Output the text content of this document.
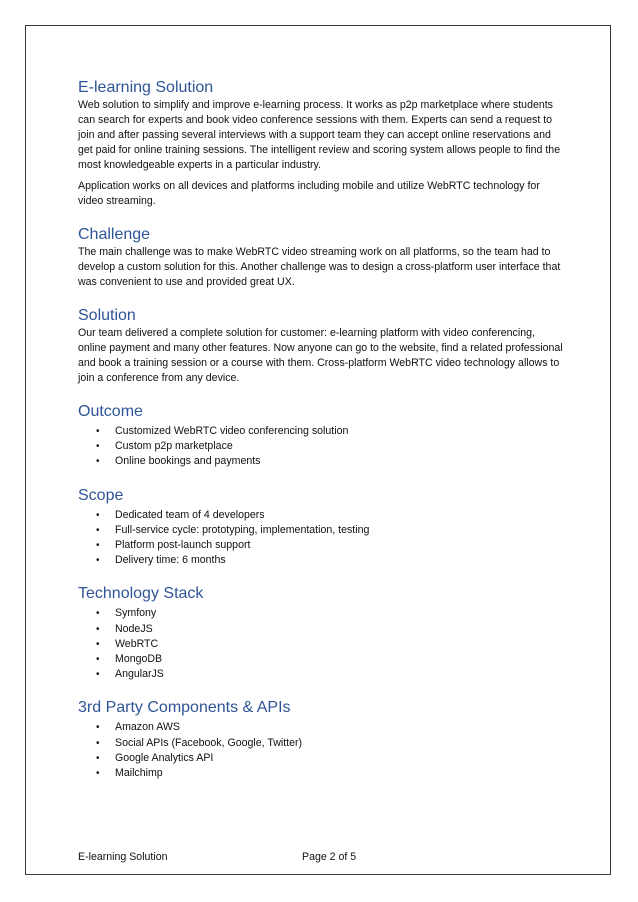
E-learning Solution

Web solution to simplify and improve e-learning process. It works as p2p marketplace where students can search for experts and book video conference sessions with them. Experts can send a request to join and after passing several interviews with a support team they can accept online reservations and get paid for online training sessions. The intelligent review and scoring system allows people to find the most knowledgeable experts in a particular industry.

Application works on all devices and platforms including mobile and utilize WebRTC technology for video streaming.

Challenge

The main challenge was to make WebRTC video streaming work on all platforms, so the team had to develop a custom solution for this. Another challenge was to design a cross-platform user interface that was convenient to use and provided great UX.

Solution

Our team delivered a complete solution for customer: e-learning platform with video conferencing, online payment and many other features. Now anyone can go to the website, find a related professional and book a training session or a course with them. Cross-platform WebRTC video technology allows to join a conference from any device.

Outcome
• Customized WebRTC video conferencing solution
• Custom p2p marketplace
• Online bookings and payments
Scope
• Dedicated team of 4 developers
• Full-service cycle: prototyping, implementation, testing
• Platform post-launch support
• Delivery time: 6 months
Technology Stack
• Symfony
• NodeJS
• WebRTC
• MongoDB
• AngularJS
3rd Party Components & APIs
• Amazon AWS
• Social APIs (Facebook, Google, Twitter)
• Google Analytics API
• Mailchimp
E-learning Solution	Page 2 of 5
